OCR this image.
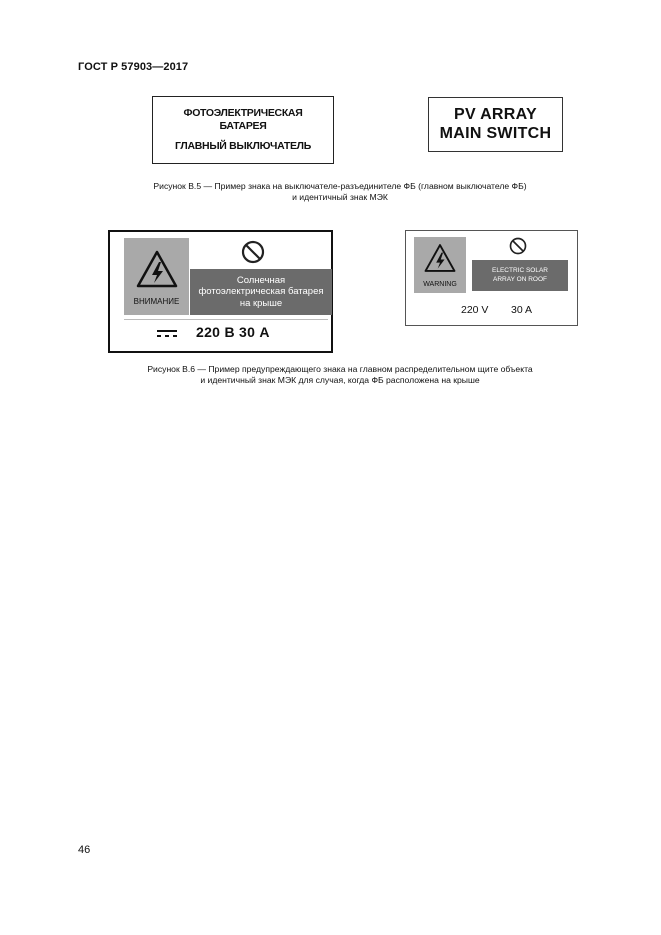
ГОСТ Р 57903—2017
ФОТОЭЛЕКТРИЧЕСКАЯ
БАТАРЕЯ
ГЛАВНЫЙ ВЫКЛЮЧАТЕЛЬ
PV ARRAY
MAIN SWITCH
Рисунок В.5 — Пример знака на выключателе-разъединителе ФБ (главном выключателе ФБ)
и идентичный знак МЭК
ВНИМАНИЕ
Солнечная
фотоэлектрическая батарея
на крыше
220 В 30 А
WARNING
ELECTRIC SOLAR
ARRAY ON ROOF
220 V 30 A
Рисунок В.6 — Пример предупреждающего знака на главном распределительном щите объекта
и идентичный знак МЭК для случая, когда ФБ расположена на крыше
46
